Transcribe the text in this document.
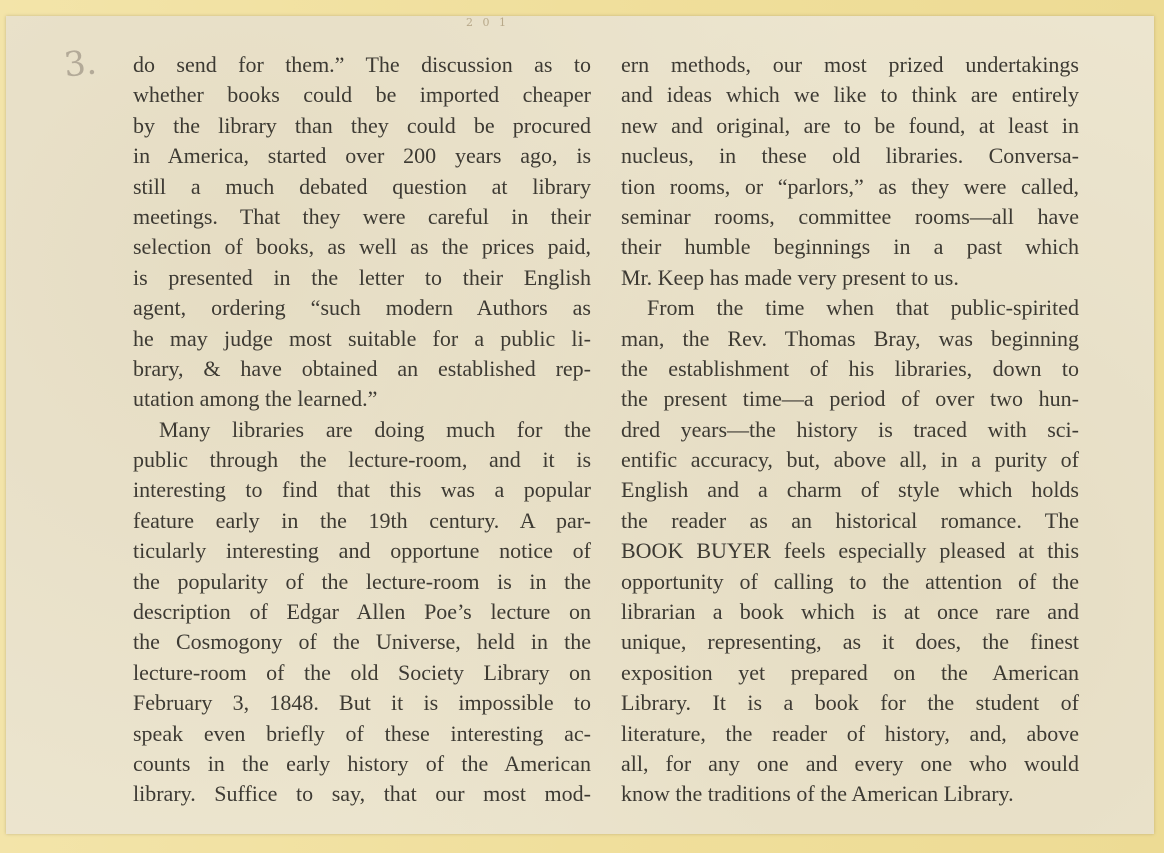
2 0 1
3. do send for them.” The discussion as to
whether books could be imported cheaper
by the library than they could be procured
in America, started over 200 years ago, is
still a much debated question at library
meetings. That they were careful in their
selection of books, as well as the prices paid,
is presented in the letter to their English
agent, ordering “such modern Authors as
he may judge most suitable for a public li-
brary, & have obtained an established rep-
utation among the learned.”
Many libraries are doing much for the
public through the lecture-room, and it is
interesting to find that this was a popular
feature early in the 19th century. A par-
ticularly interesting and opportune notice of
the popularity of the lecture-room is in the
description of Edgar Allen Poe’s lecture on
the Cosmogony of the Universe, held in the
lecture-room of the old Society Library on
February 3, 1848. But it is impossible to
speak even briefly of these interesting ac-
counts in the early history of the American
library. Suffice to say, that our most mod-
ern methods, our most prized undertakings
and ideas which we like to think are entirely
new and original, are to be found, at least in
nucleus, in these old libraries. Conversa-
tion rooms, or “parlors,” as they were called,
seminar rooms, committee rooms—all have
their humble beginnings in a past which
Mr. Keep has made very present to us.
From the time when that public-spirited
man, the Rev. Thomas Bray, was beginning
the establishment of his libraries, down to
the present time—a period of over two hun-
dred years—the history is traced with sci-
entific accuracy, but, above all, in a purity of
English and a charm of style which holds
the reader as an historical romance. The
BOOK BUYER feels especially pleased at this
opportunity of calling to the attention of the
librarian a book which is at once rare and
unique, representing, as it does, the finest
exposition yet prepared on the American
Library. It is a book for the student of
literature, the reader of history, and, above
all, for any one and every one who would
know the traditions of the American Library.
